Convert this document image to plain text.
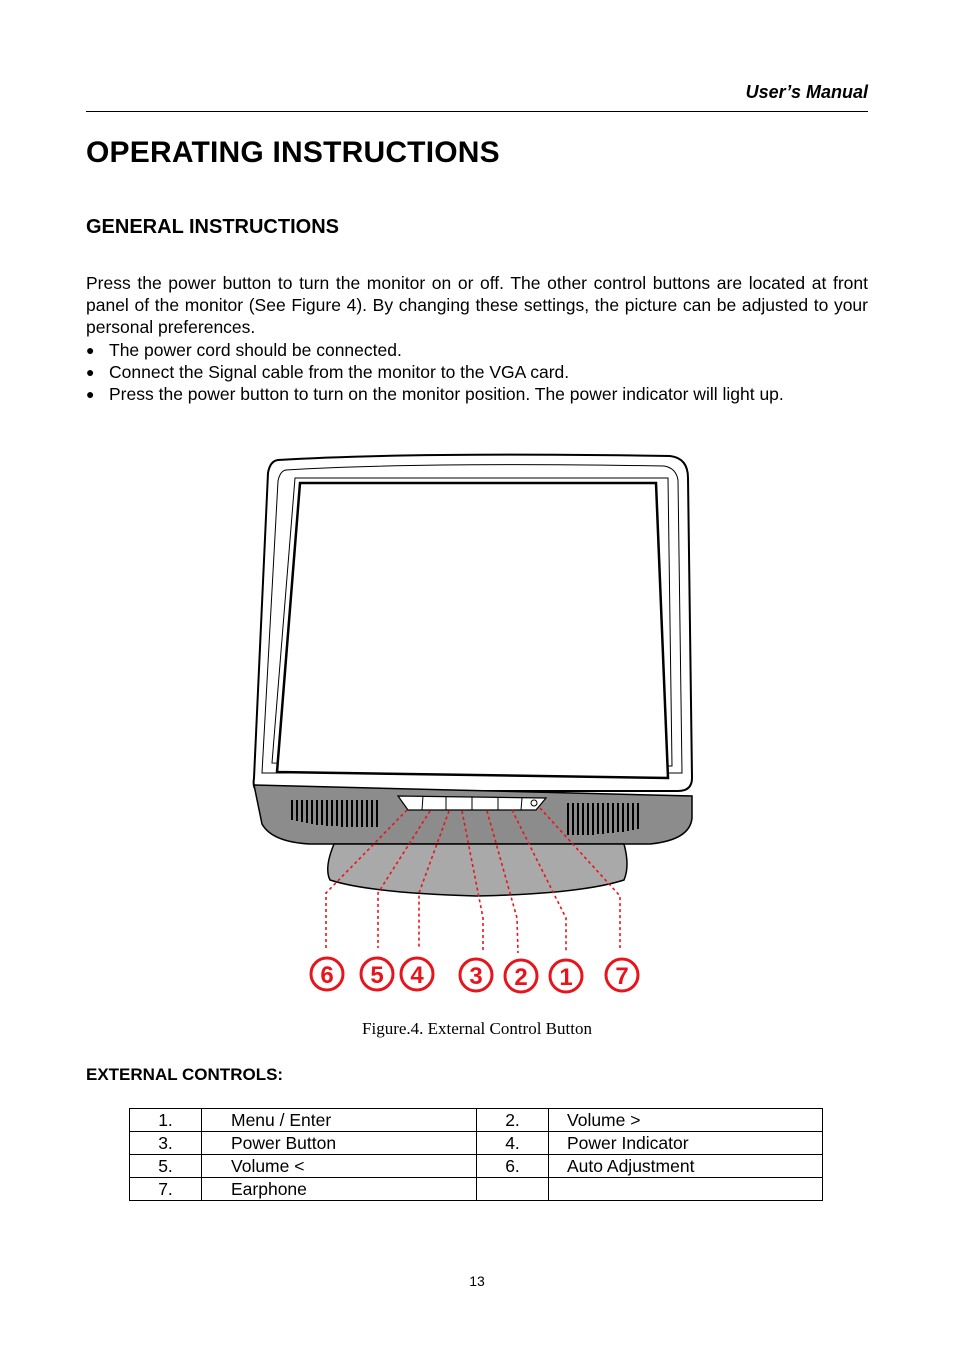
User’s Manual
OPERATING INSTRUCTIONS
GENERAL INSTRUCTIONS

Press the power button to turn the monitor on or off. The other control buttons are located at front panel of the monitor (See Figure 4). By changing these settings, the picture can be adjusted to your personal preferences.

● The power cord should be connected.
● Connect the Signal cable from the monitor to the VGA card.
● Press the power button to turn on the monitor position. The power indicator will light up.
6 5 4 3 2 1 7
Figure.4. External Control Button
EXTERNAL CONTROLS:
1.	Menu / Enter	2.	Volume >
3.	Power Button	4.	Power Indicator
5.	Volume <	6.	Auto Adjustment
7.	Earphone		
13
